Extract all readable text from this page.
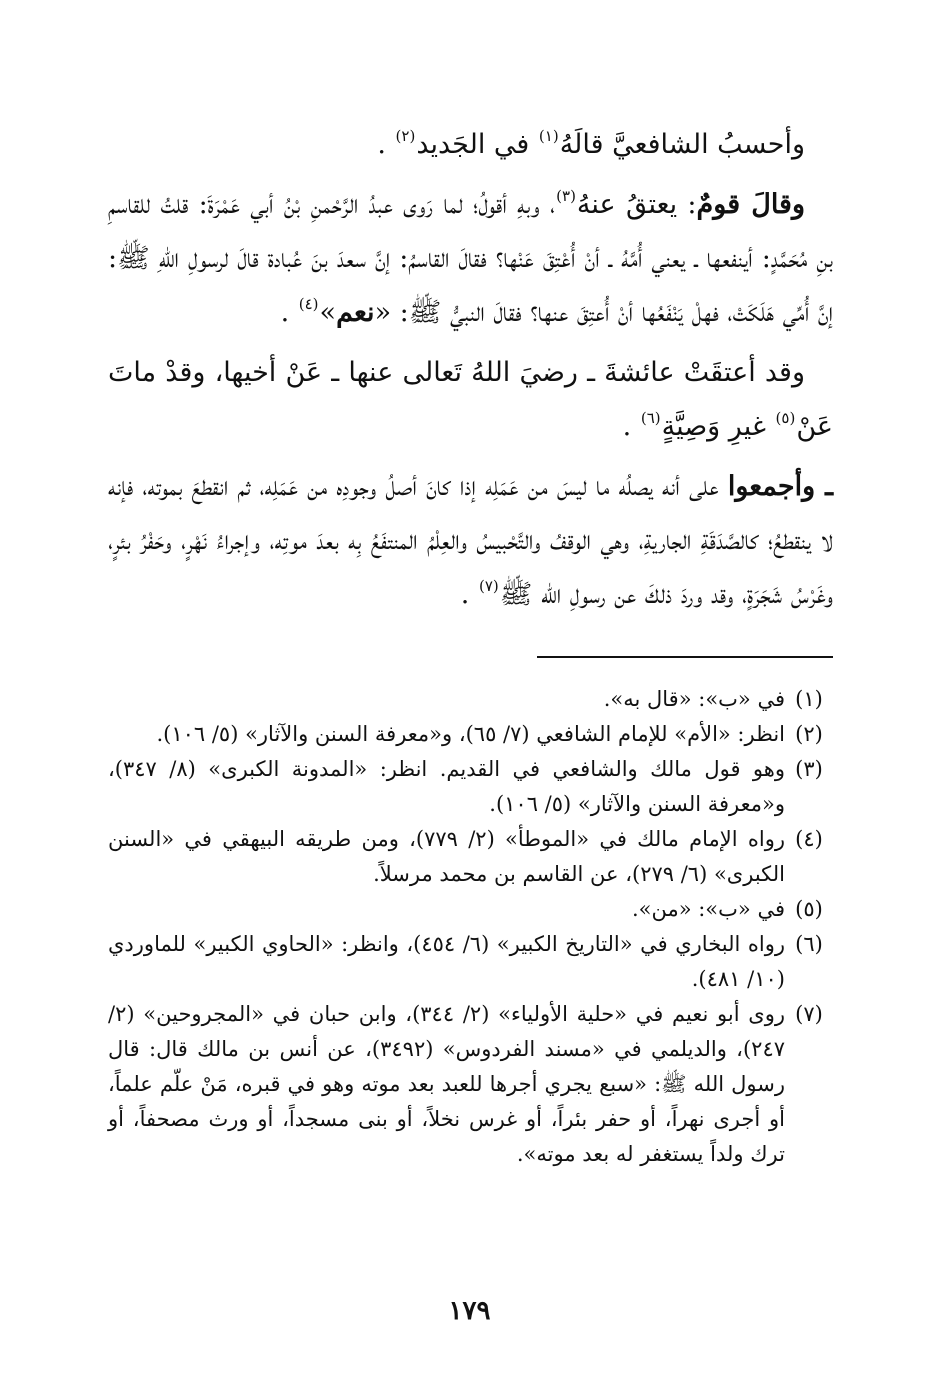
وأحسبُ الشافعيَّ قالَهُ$^{(١)}$ في الجَديد$^{(٢)}$ .

وقالَ قومٌ: يعتقُ عنهُ$^{(٣)}$، وبهِ أقولُ؛ لما رَوى عبدُ الرَّحْمنِ بْنُ أبي عَمْرَةَ: قلتُ للقاسمِ بنِ مُحَمَّدٍ: أينفعها ـ يعني أُمَّهُ ـ أنْ أُعْتِقَ عَنْها؟ فقالَ القاسمُ: إنَّ سعدَ بنَ عُبادة قالَ لرسولِ اللهِ ﷺ: إنَّ أُمِّي هَلَكَتْ، فهلْ يَنْفَعُها أنْ أُعتِقَ عنها؟ فقالَ النبيُّ ﷺ: «نعم»$^{(٤)}$ .

وقد أعتقَتْ عائشةَ ـ رضيَ اللهُ تَعالى عنها ـ عَنْ أخيها، وقدْ ماتَ عَنْ$^{(٥)}$ غيرِ وَصِيَّةٍ$^{(٦)}$ .

ـ وأجمعوا على أنه يصلُه ما ليسَ من عَمَلِه إذا كانَ أصلُ وجودِه من عَمَلِه، ثم انقطعَ بموته، فإنه لا ينقطعُ؛ كالصَّدَقَةِ الجاريةِ، وهي الوقفُ والتَّحْبيسُ والعِلْمُ المنتفَعُ بِه بعدَ موتِه، وإجراءُ نَهْرٍ، وحَفْرُ بئرٍ، وغَرْسُ شَجَرَةٍ، وقد وردَ ذلكَ عن رسولِ الله ﷺ$^{(٧)}$ .

(١)
في «ب»: «قال به».
(٢)
انظر: «الأم» للإمام الشافعي (٧/ ٦٥)، و«معرفة السنن والآثار» (٥/ ١٠٦).
(٣)
وهو قول مالك والشافعي في القديم. انظر: «المدونة الكبرى» (٨/ ٣٤٧)، و«معرفة السنن والآثار» (٥/ ١٠٦).
(٤)
رواه الإمام مالك في «الموطأ» (٢/ ٧٧٩)، ومن طريقه البيهقي في «السنن الكبرى» (٦/ ٢٧٩)، عن القاسم بن محمد مرسلاً.
(٥)
في «ب»: «من».
(٦)
رواه البخاري في «التاريخ الكبير» (٦/ ٤٥٤)، وانظر: «الحاوي الكبير» للماوردي (١٠/ ٤٨١).
(٧)
روى أبو نعيم في «حلية الأولياء» (٢/ ٣٤٤)، وابن حبان في «المجروحين» (٢/ ٢٤٧)، والديلمي في «مسند الفردوس» (٣٤٩٢)، عن أنس بن مالك قال: قال رسول الله ﷺ: «سبع يجري أجرها للعبد بعد موته وهو في قبره، مَنْ علّم علماً، أو أجرى نهراً، أو حفر بئراً، أو غرس نخلاً، أو بنى مسجداً، أو ورث مصحفاً، أو ترك ولداً يستغفر له بعد موته».
١٧٩
